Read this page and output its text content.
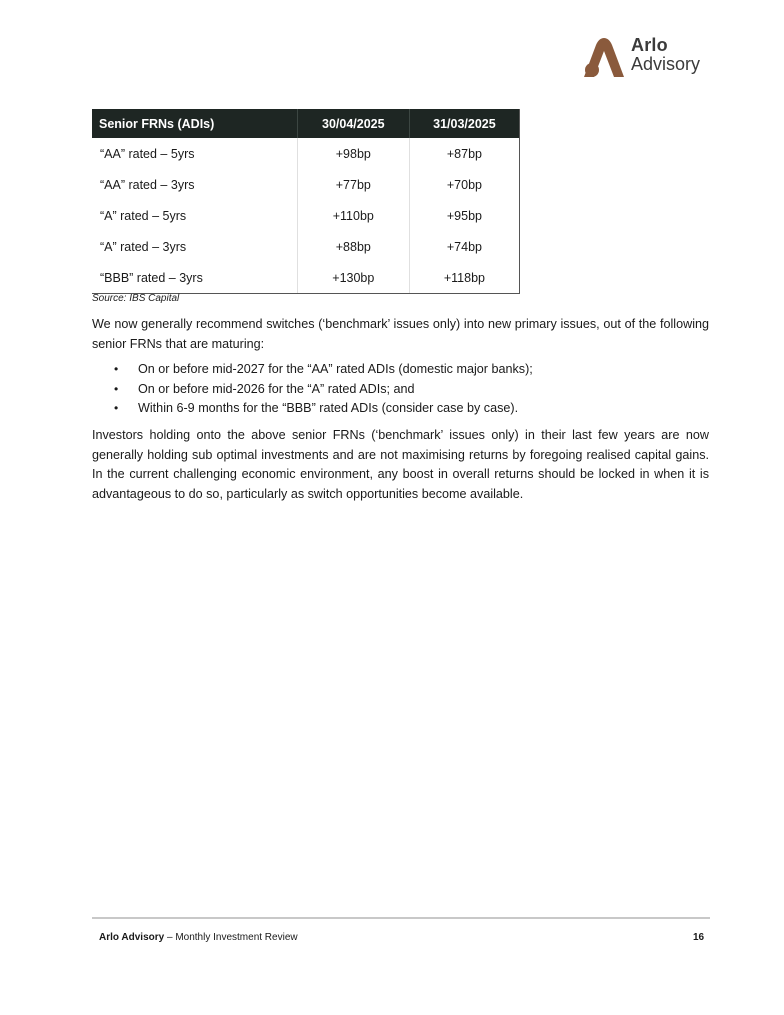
Arlo
Advisory
Senior FRNs (ADIs)	30/04/2025	31/03/2025
“AA” rated – 5yrs	+98bp	+87bp
“AA” rated – 3yrs	+77bp	+70bp
“A” rated – 5yrs	+110bp	+95bp
“A” rated – 3yrs	+88bp	+74bp
“BBB” rated – 3yrs	+130bp	+118bp
Source: IBS Capital

We now generally recommend switches (‘benchmark’ issues only) into new primary issues, out of the following senior FRNs that are maturing:

• On or before mid-2027 for the “AA” rated ADIs (domestic major banks);
• On or before mid-2026 for the “A” rated ADIs; and
• Within 6-9 months for the “BBB” rated ADIs (consider case by case).

Investors holding onto the above senior FRNs (‘benchmark’ issues only) in their last few years are now generally holding sub optimal investments and are not maximising returns by foregoing realised capital gains. In the current challenging economic environment, any boost in overall returns should be locked in when it is advantageous to do so, particularly as switch opportunities become available.

Arlo Advisory – Monthly Investment Review	16
